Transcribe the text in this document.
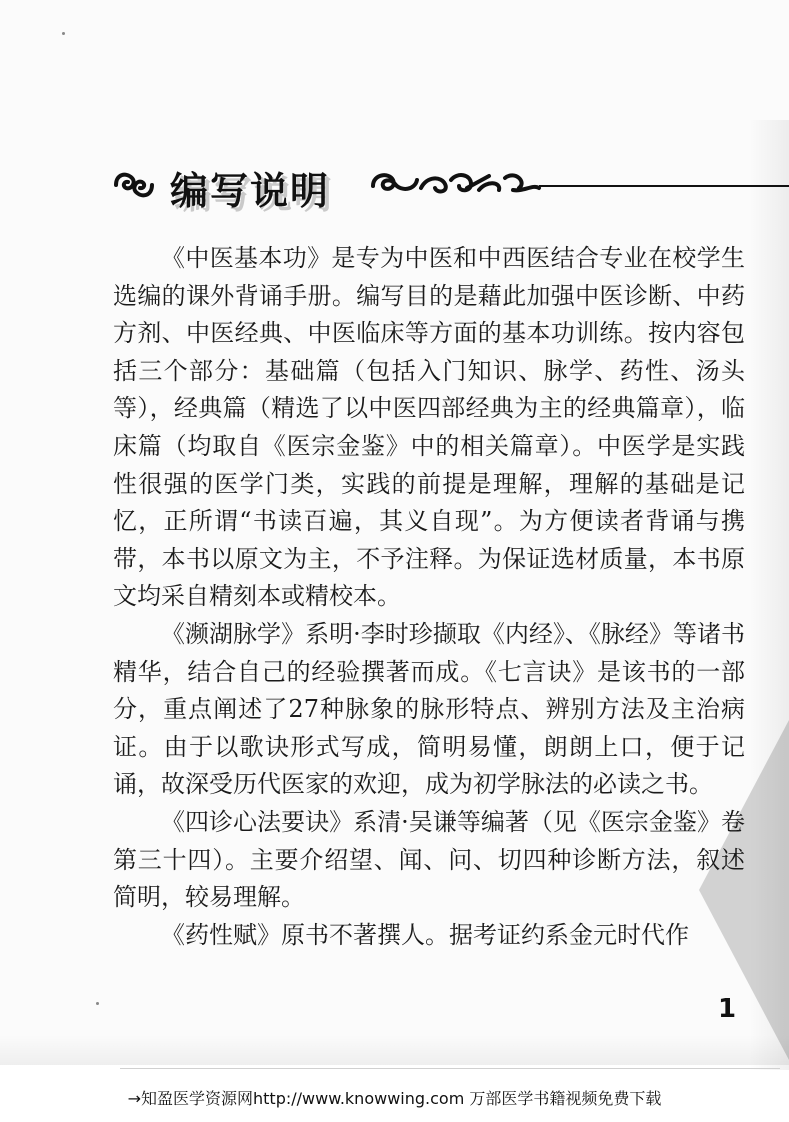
编写说明

《中医基本功》是专为中医和中西医结合专业在校学生选编的课外背诵手册。编写目的是藉此加强中医诊断、中药方剂、中医经典、中医临床等方面的基本功训练。按内容包括三个部分：基础篇（包括入门知识、脉学、药性、汤头等），经典篇（精选了以中医四部经典为主的经典篇章），临床篇（均取自《医宗金鉴》中的相关篇章）。中医学是实践性很强的医学门类，实践的前提是理解，理解的基础是记忆，正所谓“书读百遍，其义自现”。为方便读者背诵与携带，本书以原文为主，不予注释。为保证选材质量，本书原文均采自精刻本或精校本。

《濒湖脉学》系明·李时珍撷取《内经》、《脉经》等诸书精华，结合自己的经验撰著而成。《七言诀》是该书的一部分，重点阐述了27种脉象的脉形特点、辨别方法及主治病证。由于以歌诀形式写成，简明易懂，朗朗上口，便于记诵，故深受历代医家的欢迎，成为初学脉法的必读之书。

《四诊心法要诀》系清·吴谦等编著（见《医宗金鉴》卷第三十四）。主要介绍望、闻、问、切四种诊断方法，叙述简明，较易理解。

《药性赋》原书不著撰人。据考证约系金元时代作

1
→知盈医学资源网http://www.knowwing.com 万部医学书籍视频免费下载
